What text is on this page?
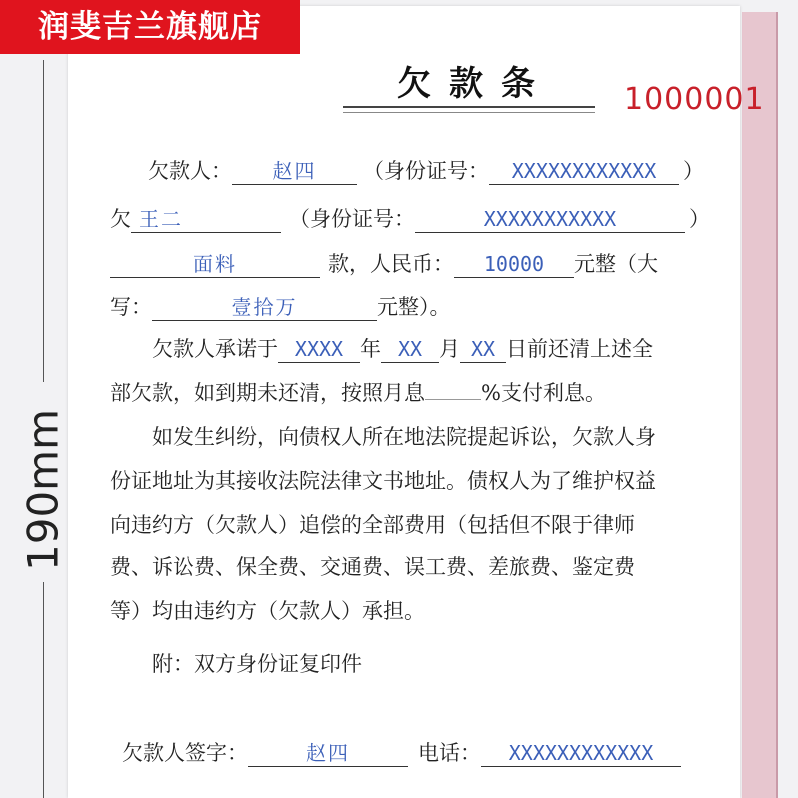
润斐吉兰旗舰店
190mm
欠款条	1000001
欠款人： 赵四 （身份证号： XXXXXXXXXXXX ）
欠 王二	（身份证号：	XXXXXXXXXXX	）
面料	款，人民币： 10000 元整（大
写：	壹拾万	元整）。
欠款人承诺于 XXXX 年 XX 月 XX 日前还清上述全
部欠款，如到期未还清，按照月息	%支付利息。
如发生纠纷，向债权人所在地法院提起诉讼，欠款人身
份证地址为其接收法院法律文书地址。债权人为了维护权益
向违约方（欠款人）追偿的全部费用（包括但不限于律师
费、诉讼费、保全费、交通费、误工费、差旅费、鉴定费
等）均由违约方（欠款人）承担。
附：双方身份证复印件
欠款人签字：	赵四	电话： XXXXXXXXXXXX
